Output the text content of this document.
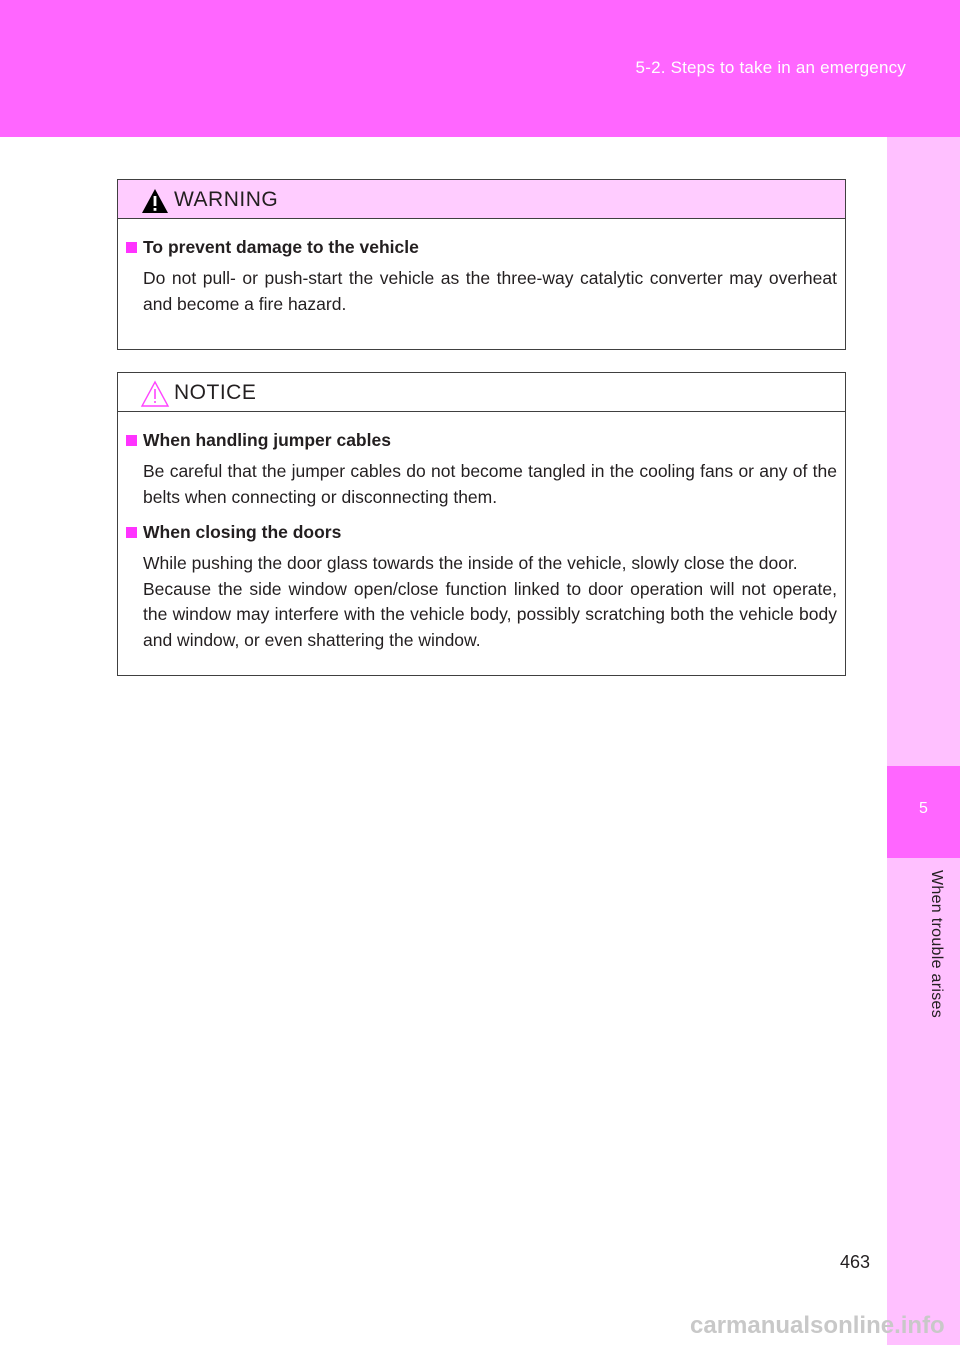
5-2. Steps to take in an emergency
5
When trouble arises
WARNING
To prevent damage to the vehicle

Do not pull- or push-start the vehicle as the three-way catalytic converter may overheat and become a fire hazard.

NOTICE
When handling jumper cables

Be careful that the jumper cables do not become tangled in the cooling fans or any of the belts when connecting or disconnecting them.

When closing the doors

While pushing the door glass towards the inside of the vehicle, slowly close the door.
Because the side window open/close function linked to door operation will not operate, the window may interfere with the vehicle body, possibly scratching both the vehicle body and window, or even shattering the window.

463
carmanualsonline.info
